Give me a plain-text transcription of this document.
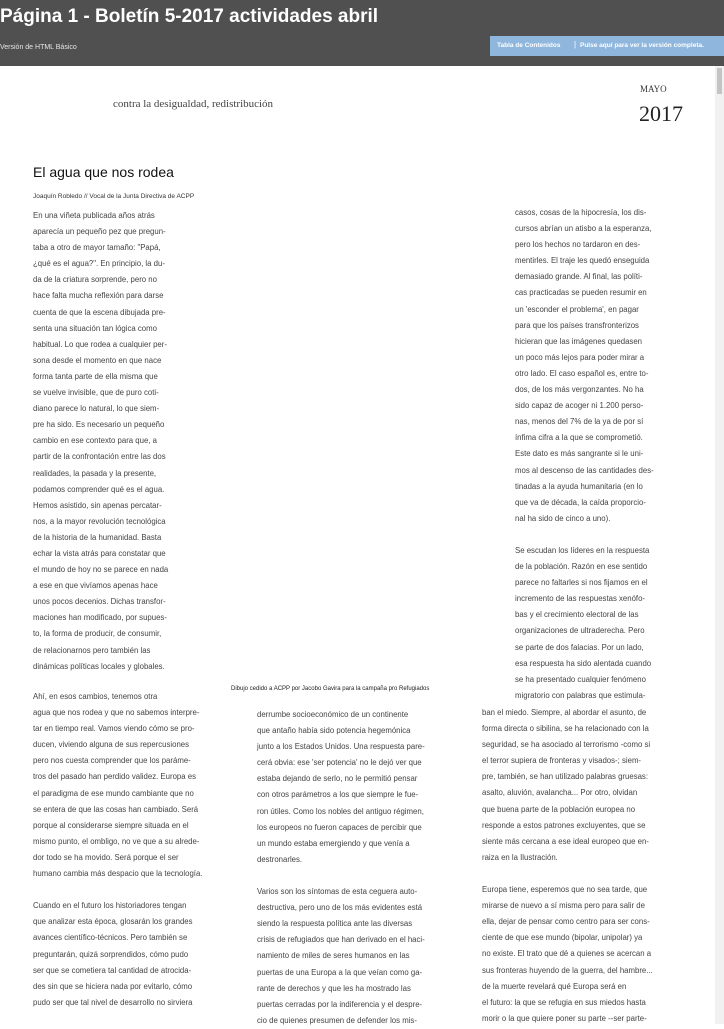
Página 1 - Boletín 5-2017 actividades abril
Versión de HTML Básico	Tabla de Contenidos | Pulse aquí para ver la versión completa.
contra la desigualdad, redistribución
MAYO
2017
El agua que nos rodea
Joaquín Robledo // Vocal de la Junta Directiva de ACPP
Dibujo cedido a ACPP por Jacobo Gavira para la campaña pro Refugiados
En una viñeta publicada años atrás
aparecía un pequeño pez que pregun-
taba a otro de mayor tamaño: "Papá,
¿qué es el agua?". En principio, la du-
da de la criatura sorprende, pero no
hace falta mucha reflexión para darse
cuenta de que la escena dibujada pre-
senta una situación tan lógica como
habitual. Lo que rodea a cualquier per-
sona desde el momento en que nace
forma tanta parte de ella misma que
se vuelve invisible, que de puro coti-
diano parece lo natural, lo que siem-
pre ha sido. Es necesario un pequeño
cambio en ese contexto para que, a
partir de la confrontación entre las dos
realidades, la pasada y la presente,
podamos comprender qué es el agua.
Hemos asistido, sin apenas percatar-
nos, a la mayor revolución tecnológica
de la historia de la humanidad. Basta
echar la vista atrás para constatar que
el mundo de hoy no se parece en nada
a ese en que vivíamos apenas hace
unos pocos decenios. Dichas transfor-
maciones han modificado, por supues-
to, la forma de producir, de consumir,
de relacionarnos pero también las
dinámicas políticas locales y globales.
Ahí, en esos cambios, tenemos otra
agua que nos rodea y que no sabemos interpre-
tar en tiempo real. Vamos viendo cómo se pro-
ducen, viviendo alguna de sus repercusiones
pero nos cuesta comprender que los paráme-
tros del pasado han perdido validez. Europa es
el paradigma de ese mundo cambiante que no
se entera de que las cosas han cambiado. Será
porque al considerarse siempre situada en el
mismo punto, el ombligo, no ve que a su alrede-
dor todo se ha movido. Será porque el ser
humano cambia más despacio que la tecnología.

Cuando en el futuro los historiadores tengan
que analizar esta época, glosarán los grandes
avances científico-técnicos. Pero también se
preguntarán, quizá sorprendidos, cómo pudo
ser que se cometiera tal cantidad de atrocida-
des sin que se hiciera nada por evitarlo, cómo
pudo ser que tal nivel de desarrollo no sirviera
derrumbe socioeconómico de un continente
que antaño había sido potencia hegemónica
junto a los Estados Unidos. Una respuesta pare-
cerá obvia: ese 'ser potencia' no le dejó ver que
estaba dejando de serlo, no le permitió pensar
con otros parámetros a los que siempre le fue-
ron útiles. Como los nobles del antiguo régimen,
los europeos no fueron capaces de percibir que
un mundo estaba emergiendo y que venía a
destronarles.

Varios son los síntomas de esta ceguera auto-
destructiva, pero uno de los más evidentes está
siendo la respuesta política ante las diversas
crisis de refugiados que han derivado en el haci-
namiento de miles de seres humanos en las
puertas de una Europa a la que veían como ga-
rante de derechos y que les ha mostrado las
puertas cerradas por la indiferencia y el despre-
cio de quienes presumen de defender los mis-
casos, cosas de la hipocresía, los dis-
cursos abrían un atisbo a la esperanza,
pero los hechos no tardaron en des-
mentirles. El traje les quedó enseguida
demasiado grande. Al final, las políti-
cas practicadas se pueden resumir en
un 'esconder el problema', en pagar
para que los países transfronterizos
hicieran que las imágenes quedasen
un poco más lejos para poder mirar a
otro lado. El caso español es, entre to-
dos, de los más vergonzantes. No ha
sido capaz de acoger ni 1.200 perso-
nas, menos del 7% de la ya de por sí
ínfima cifra a la que se comprometió.
Este dato es más sangrante si le uni-
mos al descenso de las cantidades des-
tinadas a la ayuda humanitaria (en lo
que va de década, la caída proporcio-
nal ha sido de cinco a uno).

Se escudan los líderes en la respuesta
de la población. Razón en ese sentido
parece no faltarles si nos fijamos en el
incremento de las respuestas xenófo-
bas y el crecimiento electoral de las
organizaciones de ultraderecha. Pero
se parte de dos falacias. Por un lado,
esa respuesta ha sido alentada cuando
se ha presentado cualquier fenómeno
migratorio con palabras que estimula-
ban el miedo. Siempre, al abordar el asunto, de
forma directa o sibilina, se ha relacionado con la
seguridad, se ha asociado al terrorismo -como si
el terror supiera de fronteras y visados-; siem-
pre, también, se han utilizado palabras gruesas:
asalto, aluvión, avalancha... Por otro, olvidan
que buena parte de la población europea no
responde a estos patrones excluyentes, que se
siente más cercana a ese ideal europeo que en-
raiza en la Ilustración.

Europa tiene, esperemos que no sea tarde, que
mirarse de nuevo a sí misma pero para salir de
ella, dejar de pensar como centro para ser cons-
ciente de que ese mundo (bipolar, unipolar) ya
no existe. El trato que dé a quienes se acercan a
sus fronteras huyendo de la guerra, del hambre...
de la muerte revelará qué Europa será en
el futuro: la que se refugia en sus miedos hasta
morir o la que quiere poner su parte --ser parte-
